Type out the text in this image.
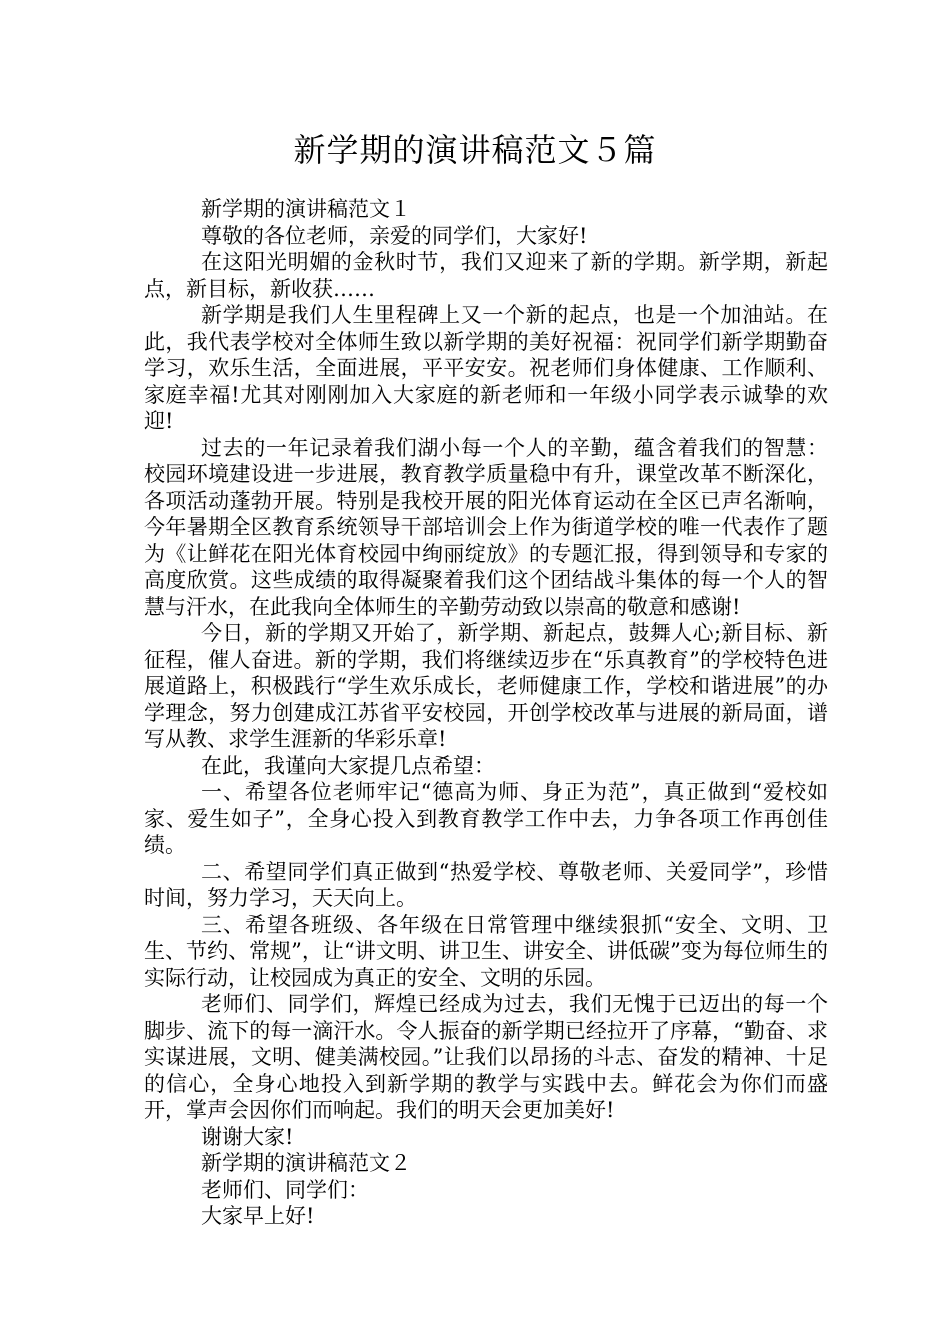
新学期的演讲稿范文５篇

新学期的演讲稿范文１

尊敬的各位老师，亲爱的同学们，大家好!

在这阳光明媚的金秋时节，我们又迎来了新的学期。新学期，新起点，新目标，新收获……

新学期是我们人生里程碑上又一个新的起点，也是一个加油站。在此，我代表学校对全体师生致以新学期的美好祝福：祝同学们新学期勤奋学习，欢乐生活，全面进展，平平安安。祝老师们身体健康、工作顺利、家庭幸福!尤其对刚刚加入大家庭的新老师和一年级小同学表示诚挚的欢迎!

过去的一年记录着我们湖小每一个人的辛勤，蕴含着我们的智慧：校园环境建设进一步进展，教育教学质量稳中有升，课堂改革不断深化，各项活动蓬勃开展。特别是我校开展的阳光体育运动在全区已声名渐响，今年暑期全区教育系统领导干部培训会上作为街道学校的唯一代表作了题为《让鲜花在阳光体育校园中绚丽绽放》的专题汇报，得到领导和专家的高度欣赏。这些成绩的取得凝聚着我们这个团结战斗集体的每一个人的智慧与汗水，在此我向全体师生的辛勤劳动致以崇高的敬意和感谢!

今日，新的学期又开始了，新学期、新起点，鼓舞人心;新目标、新征程，催人奋进。新的学期，我们将继续迈步在“乐真教育”的学校特色进展道路上，积极践行“学生欢乐成长，老师健康工作，学校和谐进展”的办学理念，努力创建成江苏省平安校园，开创学校改革与进展的新局面，谱写从教、求学生涯新的华彩乐章!

在此，我谨向大家提几点希望：

一、希望各位老师牢记“德高为师、身正为范”，真正做到“爱校如家、爱生如子”，全身心投入到教育教学工作中去，力争各项工作再创佳绩。

二、希望同学们真正做到“热爱学校、尊敬老师、关爱同学”，珍惜时间，努力学习，天天向上。

三、希望各班级、各年级在日常管理中继续狠抓“安全、文明、卫生、节约、常规”，让“讲文明、讲卫生、讲安全、讲低碳”变为每位师生的实际行动，让校园成为真正的安全、文明的乐园。

老师们、同学们，辉煌已经成为过去，我们无愧于已迈出的每一个脚步、流下的每一滴汗水。令人振奋的新学期已经拉开了序幕，“勤奋、求实谋进展，文明、健美满校园。”让我们以昂扬的斗志、奋发的精神、十足的信心，全身心地投入到新学期的教学与实践中去。鲜花会为你们而盛开，掌声会因你们而响起。我们的明天会更加美好!

谢谢大家!

新学期的演讲稿范文２

老师们、同学们：

大家早上好!
